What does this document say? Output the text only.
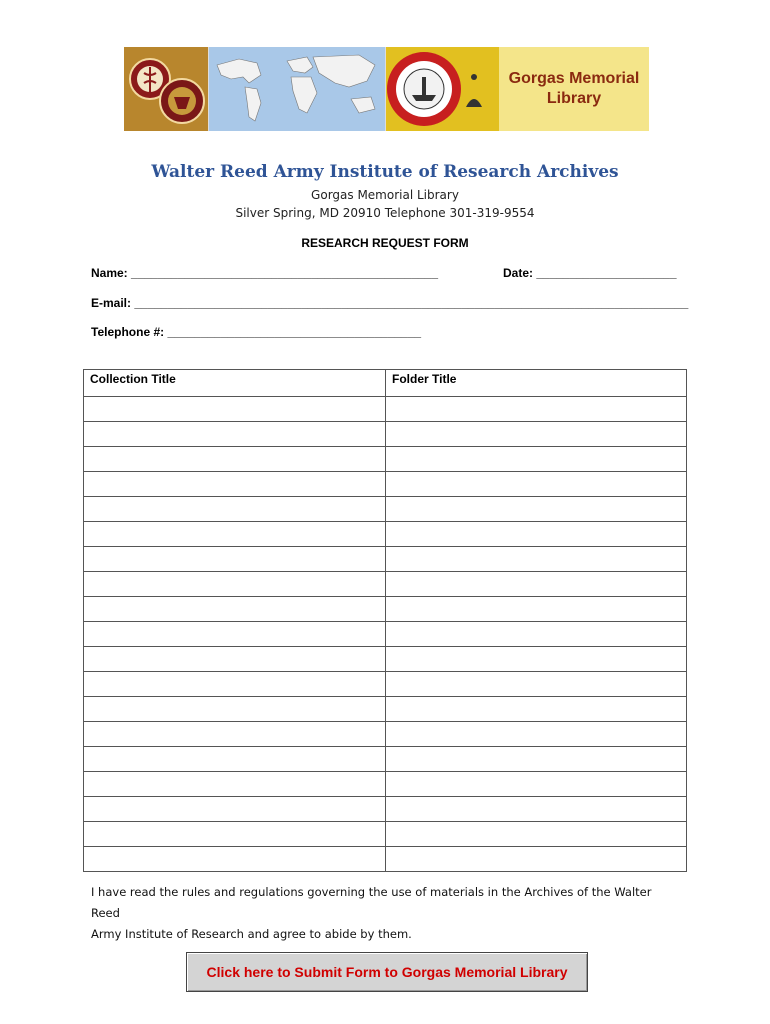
Gorgas Memorial
Library
Walter Reed Army Institute of Research Archives
Gorgas Memorial Library
Silver Spring, MD 20910 Telephone 301-319-9554
RESEARCH REQUEST FORM
Name: ______________________________________________	Date: _____________________
E-mail: ___________________________________________________________________________________
Telephone #: ______________________________________
Collection Title	Folder Title

I have read the rules and regulations governing the use of materials in the Archives of the Walter Reed
Army Institute of Research and agree to abide by them.
Click here to Submit Form to Gorgas Memorial Library
